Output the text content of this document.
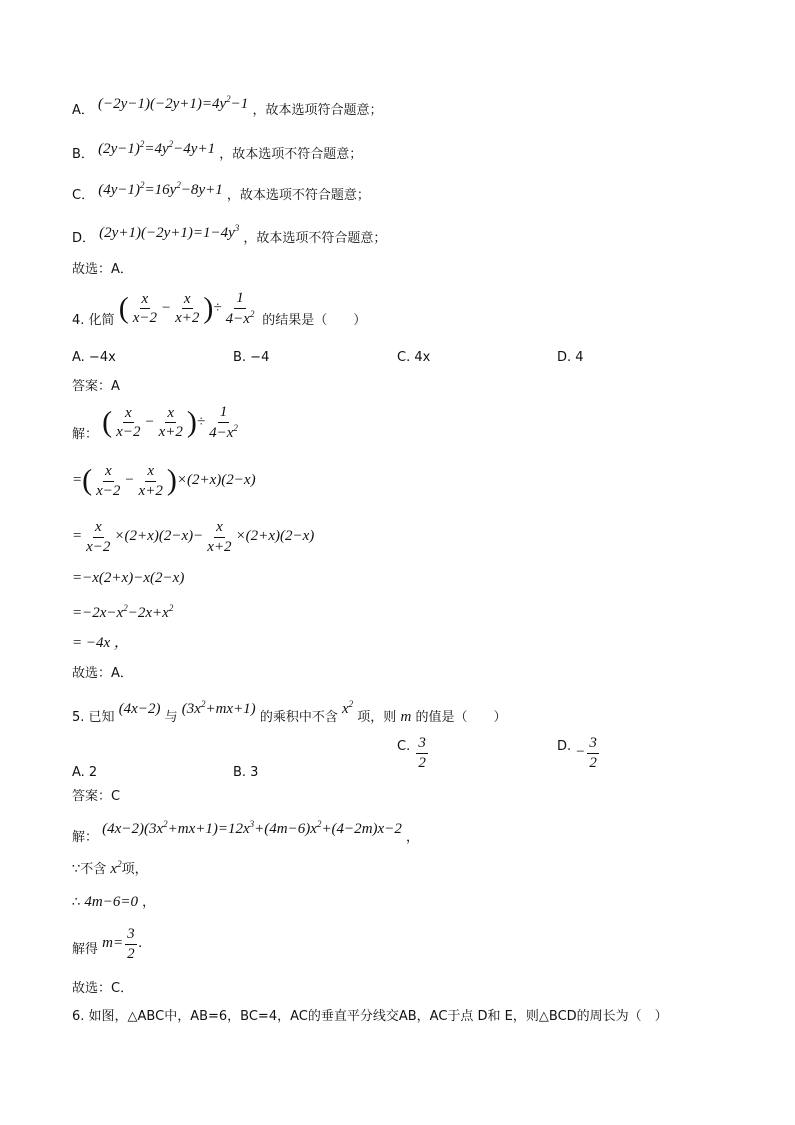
A． $(-2y-1)(-2y+1)=4y^2-1$ ，故本选项符合题意；
B． $(2y-1)^2=4y^2-4y+1$ ，故本选项不符合题意；
C． $(4y-1)^2=16y^2-8y+1$ ，故本选项不符合题意；
D． $(2y+1)(-2y+1)=1-4y^3$ ，故本选项不符合题意；
故选：A．
4. 化简 ( $\frac{x}{x-2} - \frac{x}{x+2}$ )÷ $\frac{1}{4-x^2}$ 的结果是（　　）
A. −4x	B. −4	C. 4x	D. 4
答案：A
解： ( $\frac{x}{x-2} - \frac{x}{x+2}$ )÷ $\frac{1}{4-x^2}$
=( $\frac{x}{x-2} - \frac{x}{x+2} )\times(2+x)(2-x)$
= $\frac{x}{x-2} \times(2+x)(2-x)- \frac{x}{x+2} \times(2+x)(2-x)$
=−x(2+x)−x(2−x)
$=-2x-x^2-2x+x^2$
= −4x ，
故选：A．
5. 已知 (4x−2) 与 $(3x^2+mx+1)$ 的乘积中不含 $x^2$ 项，则 m 的值是（　　）
A. 2	B. 3
C. $\frac{3}{2}$	D. − $\frac{3}{2}$
答案：C
解： $(4x-2)(3x^2+mx+1)=12x^3+(4m-6)x^2+(4-2m)x-2$ ，
∵不含 $x^2$项，
∴ 4m−6=0 ，
解得 $m= \frac{3}{2}$ .
故选：C．
6. 如图，△ABC中，AB=6，BC=4，AC的垂直平分线交AB，AC于点 D和 E，则△BCD的周长为（　）
